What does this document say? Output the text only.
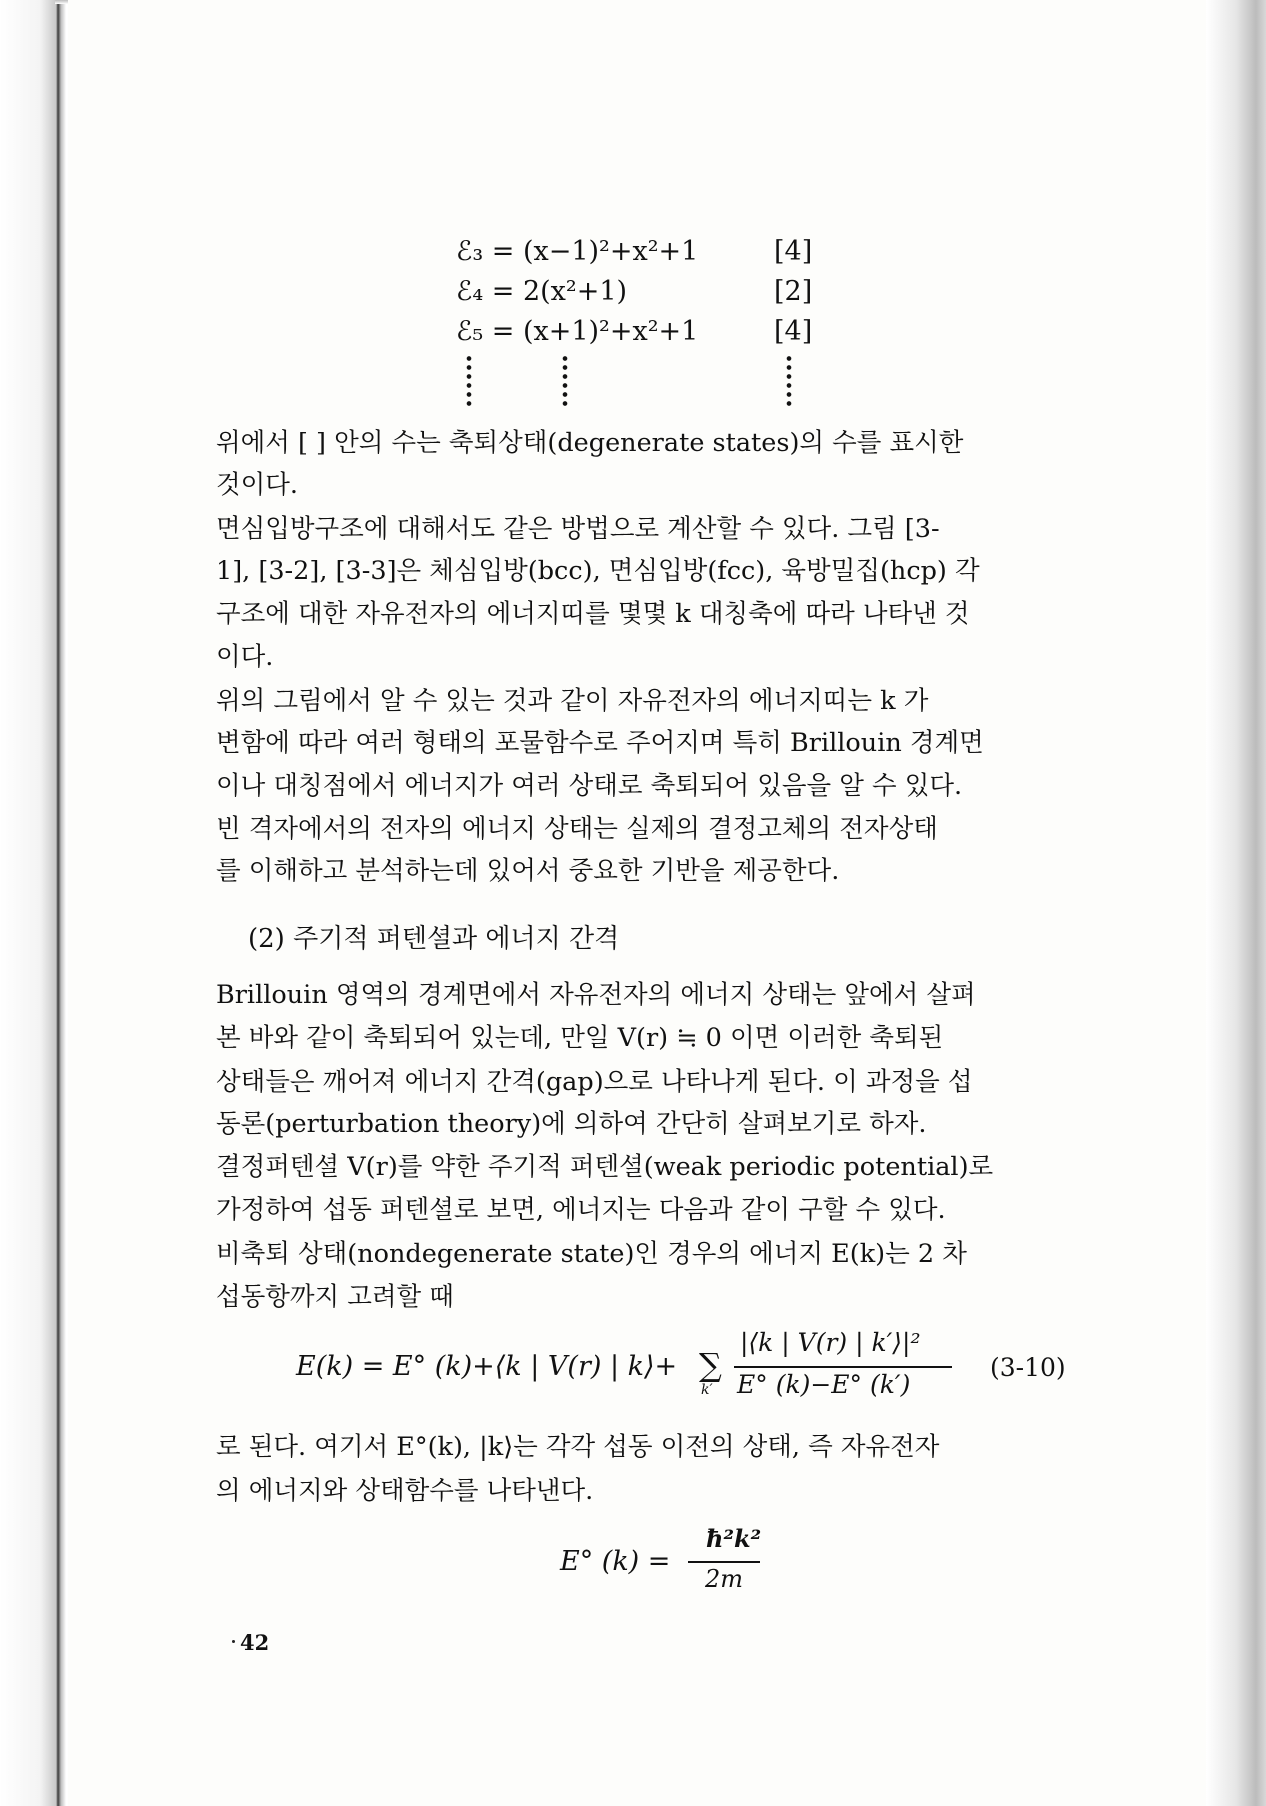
ℰ₃ = (x−1)²+x²+1	[4]
ℰ₄ = 2(x²+1)	[2]
ℰ₅ = (x+1)²+x²+1	[4]
위에서 [ ] 안의 수는 축퇴상태(degenerate states)의 수를 표시한
것이다.
면심입방구조에 대해서도 같은 방법으로 계산할 수 있다. 그림 [3-
1], [3-2], [3-3]은 체심입방(bcc), 면심입방(fcc), 육방밀집(hcp) 각
구조에 대한 자유전자의 에너지띠를 몇몇 k 대칭축에 따라 나타낸 것
이다.
위의 그림에서 알 수 있는 것과 같이 자유전자의 에너지띠는 k 가
변함에 따라 여러 형태의 포물함수로 주어지며 특히 Brillouin 경계면
이나 대칭점에서 에너지가 여러 상태로 축퇴되어 있음을 알 수 있다.
빈 격자에서의 전자의 에너지 상태는 실제의 결정고체의 전자상태
를 이해하고 분석하는데 있어서 중요한 기반을 제공한다.
(2) 주기적 퍼텐셜과 에너지 간격
Brillouin 영역의 경계면에서 자유전자의 에너지 상태는 앞에서 살펴
본 바와 같이 축퇴되어 있는데, 만일 V(r) ≒ 0 이면 이러한 축퇴된
상태들은 깨어져 에너지 간격(gap)으로 나타나게 된다. 이 과정을 섭
동론(perturbation theory)에 의하여 간단히 살펴보기로 하자.
결정퍼텐셜 V(r)를 약한 주기적 퍼텐셜(weak periodic potential)로
가정하여 섭동 퍼텐셜로 보면, 에너지는 다음과 같이 구할 수 있다.
비축퇴 상태(nondegenerate state)인 경우의 에너지 E(k)는 2 차
섭동항까지 고려할 때
E(k) = E° (k)+⟨k | V(r) | k⟩+ ∑
k′
|⟨k | V(r) | k′⟩|²
E° (k)−E° (k′)
(3-10)
로 된다. 여기서 E°(k), |k⟩는 각각 섭동 이전의 상태, 즉 자유전자
의 에너지와 상태함수를 나타낸다.
E° (k) =
ħ²k²
2m
42
